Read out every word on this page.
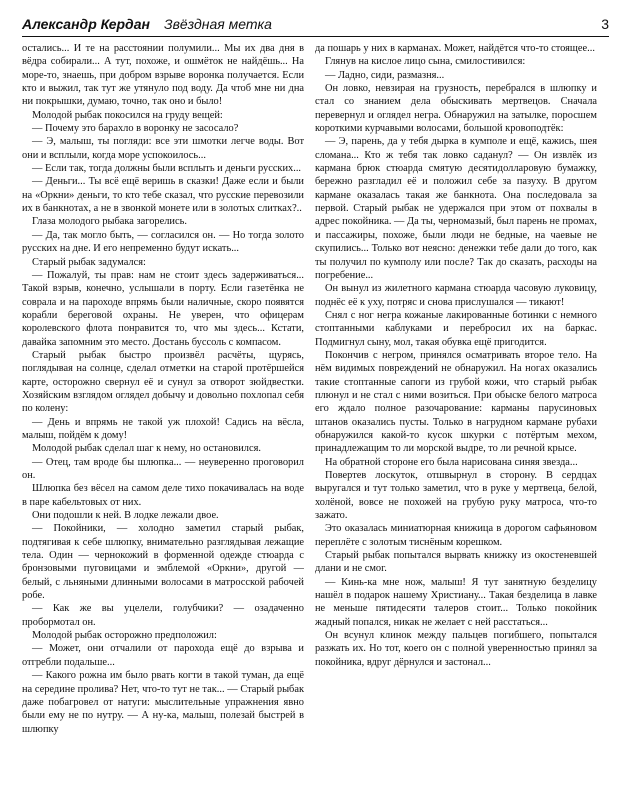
Александр Кердан Звёздная метка	3

остались... И те на расстоянии полумили... Мы их два дня в вёдра собирали... А тут, похоже, и ошмёток не найдёшь... На море-то, знаешь, при добром взрыве воронка получается. Если кто и выжил, так тут же утянуло под воду. Да чтоб мне ни дна ни покрышки, думаю, точно, так оно и было!

Молодой рыбак покосился на груду вещей:

— Почему это барахло в воронку не засосало?

— Э, малыш, ты погляди: все эти шмотки легче воды. Вот они и всплыли, когда море успокоилось...

— Если так, тогда должны были всплыть и деньги русских...

— Деньги... Ты всё ещё веришь в сказки! Даже если и были на «Оркни» деньги, то кто тебе сказал, что русские перевозили их в банкнотах, а не в звонкой монете или в золотых слитках?..

Глаза молодого рыбака загорелись.

— Да, так могло быть, — согласился он. — Но тогда золото русских на дне. И его непременно будут искать...

Старый рыбак задумался:

— Пожалуй, ты прав: нам не стоит здесь задерживаться... Такой взрыв, конечно, услышали в порту. Если газетёнка не соврала и на пароходе впрямь были наличные, скоро появятся корабли береговой охраны. Не уверен, что офицерам королевского флота понравится то, что мы здесь... Кстати, давайка запомним это место. Достань буссоль с компасом.

Старый рыбак быстро произвёл расчёты, щурясь, поглядывая на солнце, сделал отметки на старой протёршейся карте, осторожно свернул её и сунул за отворот зюйдвестки. Хозяйским взглядом оглядел добычу и довольно похлопал себя по колену:

— День и впрямь не такой уж плохой! Садись на вёсла, малыш, пойдём к дому!

Молодой рыбак сделал шаг к нему, но остановился.

— Отец, там вроде бы шлюпка... — неуверенно проговорил он.

Шлюпка без вёсел на самом деле тихо покачивалась на воде в паре кабельтовых от них.

Они подошли к ней. В лодке лежали двое.

— Покойники, — холодно заметил старый рыбак, подтягивая к себе шлюпку, внимательно разглядывая лежащие тела. Один — чернокожий в форменной одежде стюарда с бронзовыми пуговицами и эмблемой «Оркни», другой — белый, с льняными длинными волосами в матросской рабочей робе.

— Как же вы уцелели, голубчики? — озадаченно пробормотал он.

Молодой рыбак осторожно предположил:

— Может, они отчалили от парохода ещё до взрыва и отгребли подальше...

— Какого рожна им было рвать когти в такой туман, да ещё на середине пролива? Нет, что-то тут не так... — Старый рыбак даже побагровел от натуги: мыслительные упражнения явно были ему не по нутру. — А ну-ка, малыш, полезай быстрей в шлюпку

да пошарь у них в карманах. Может, найдётся что-то стоящее...

Глянув на кислое лицо сына, смилостивился:

— Ладно, сиди, размазня...

Он ловко, невзирая на грузность, перебрался в шлюпку и стал со знанием дела обыскивать мертвецов. Сначала перевернул и оглядел негра. Обнаружил на затылке, поросшем короткими курчавыми волосами, большой кровоподтёк:

— Э, парень, да у тебя дырка в кумполе и ещё, кажись, шея сломана... Кто ж тебя так ловко саданул? — Он извлёк из кармана брюк стюарда смятую десятидолларовую бумажку, бережно разгладил её и положил себе за пазуху. В другом кармане оказалась такая же банкнота. Она последовала за первой. Старый рыбак не удержался при этом от похвалы в адрес покойника. — Да ты, черномазый, был парень не промах, и пассажиры, похоже, были люди не бедные, на чаевые не скупились... Только вот неясно: денежки тебе дали до того, как ты получил по кумполу или после? Так до сказать, расходы на погребение...

Он вынул из жилетного кармана стюарда часовую луковицу, поднёс её к уху, потряс и снова прислушался — тикают!

Снял с ног негра кожаные лакированные ботинки с немного стоптанными каблуками и переброcил их на баркас. Подмигнул сыну, мол, такая обувка ещё пригодится.

Покончив с негром, принялся осматривать второе тело. На нём видимых повреждений не обнаружил. На ногах оказались такие стоптанные сапоги из грубой кожи, что старый рыбак плюнул и не стал с ними возиться. При обыске белого матроса его ждало полное разочарование: карманы парусиновых штанов оказались пусты. Только в нагрудном кармане рубахи обнаружился какой-то кусок шкурки с потёртым мехом, принадлежащим то ли морской выдре, то ли речной крысе.

На обратной стороне его была нарисована синяя звезда...

Повертев лоскуток, отшвырнул в сторону. В сердцах выругался и тут только заметил, что в руке у мертвеца, белой, холёной, вовсе не похожей на грубую руку матроса, что-то зажато.

Это оказалась миниатюрная книжица в дорогом сафьяновом переплёте с золотым тиснёным корешком.

Старый рыбак попытался вырвать книжку из окостеневшей длани и не смог.

— Кинь-ка мне нож, малыш! Я тут занятную безделицу нашёл в подарок нашему Христиану... Такая безделица в лавке не меньше пятидесяти талеров стоит... Только покойник жадный попался, никак не желает с ней расстаться...

Он всунул клинок между пальцев погибшего, попытался разжать их. Но тот, коего он с полной уверенностью принял за покойника, вдруг дёрнулся и застонал...
